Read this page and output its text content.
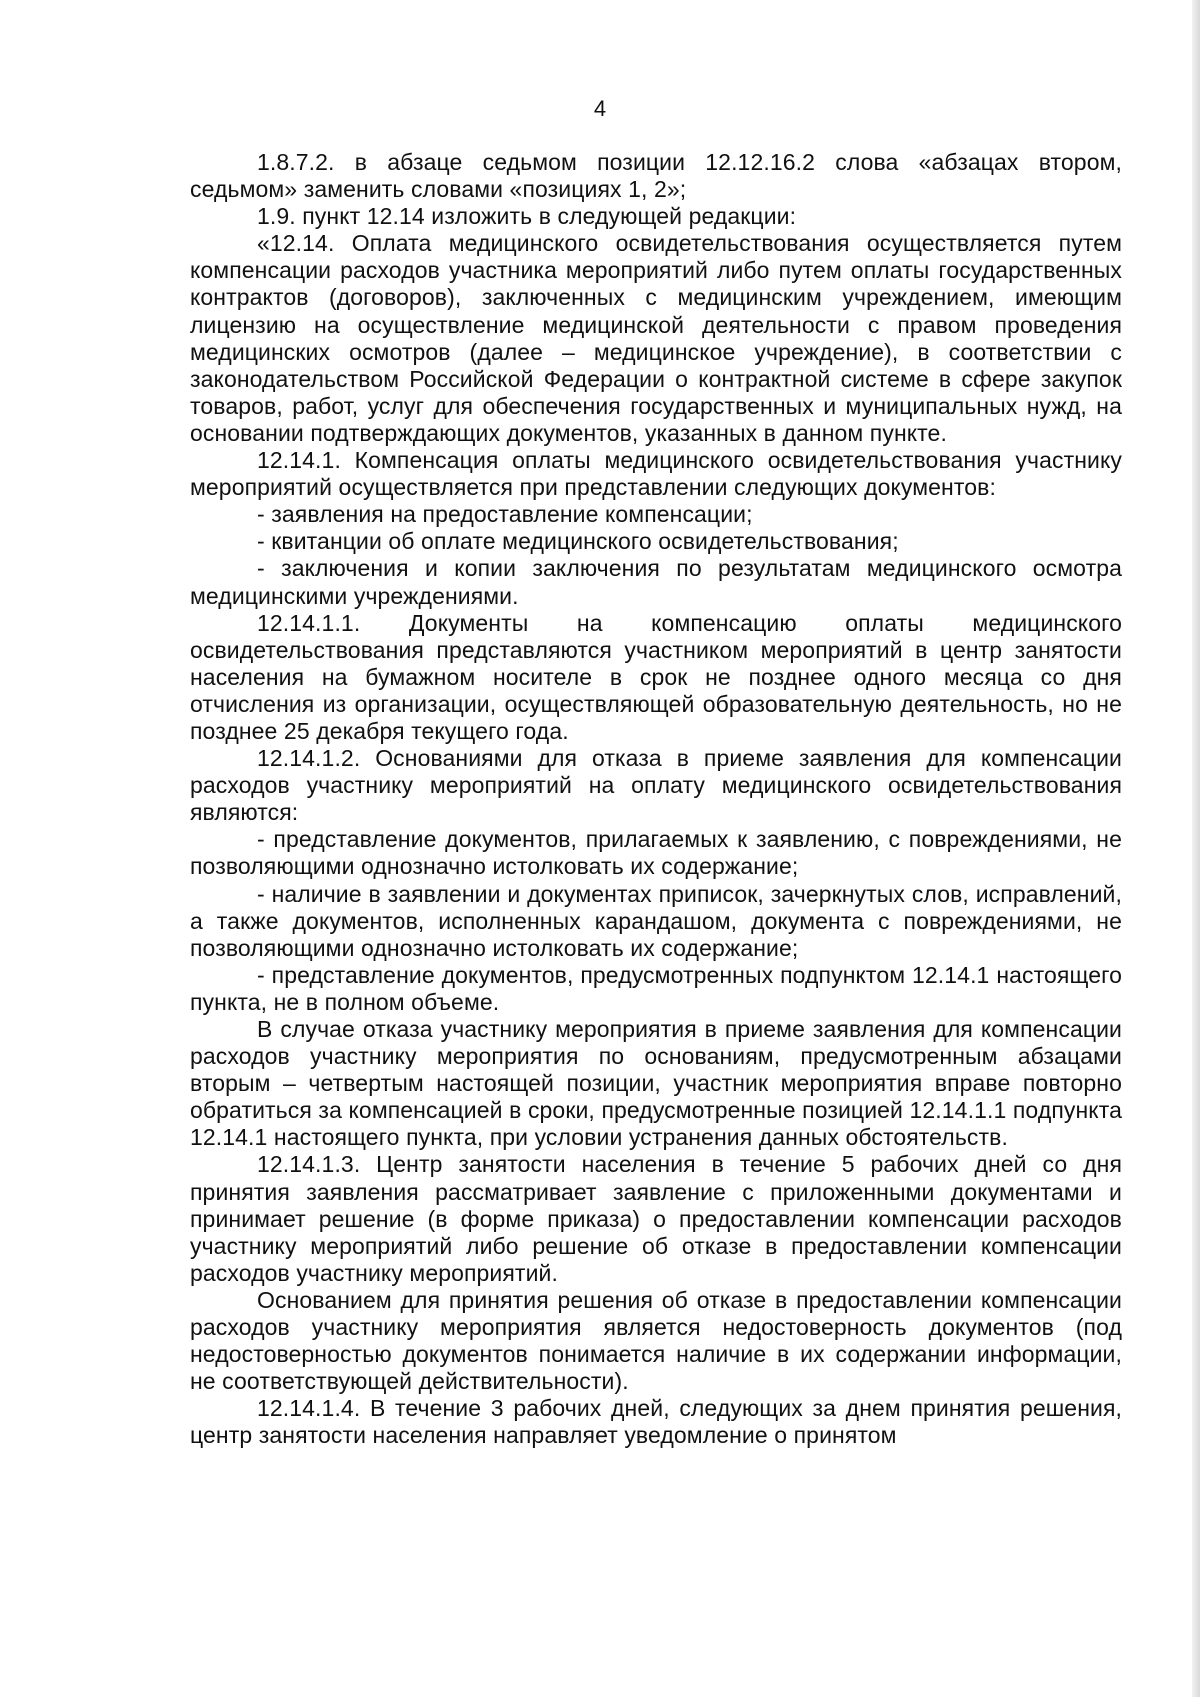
4

1.8.7.2. в абзаце седьмом позиции 12.12.16.2 слова «абзацах втором, седьмом» заменить словами «позициях 1, 2»;

1.9. пункт 12.14 изложить в следующей редакции:

«12.14. Оплата медицинского освидетельствования осуществляется путем компенсации расходов участника мероприятий либо путем оплаты государственных контрактов (договоров), заключенных с медицинским учреждением, имеющим лицензию на осуществление медицинской деятельности с правом проведения медицинских осмотров (далее – медицинское учреждение), в соответствии с законодательством Российской Федерации о контрактной системе в сфере закупок товаров, работ, услуг для обеспечения государственных и муниципальных нужд, на основании подтверждающих документов, указанных в данном пункте.

12.14.1. Компенсация оплаты медицинского освидетельствования участнику мероприятий осуществляется при представлении следующих документов:

- заявления на предоставление компенсации;

- квитанции об оплате медицинского освидетельствования;

- заключения и копии заключения по результатам медицинского осмотра медицинскими учреждениями.

12.14.1.1. Документы на компенсацию оплаты медицинского освидетельствования представляются участником мероприятий в центр занятости населения на бумажном носителе в срок не позднее одного месяца со дня отчисления из организации, осуществляющей образовательную деятельность, но не позднее 25 декабря текущего года.

12.14.1.2. Основаниями для отказа в приеме заявления для компенсации расходов участнику мероприятий на оплату медицинского освидетельствования являются:

- представление документов, прилагаемых к заявлению, с повреждениями, не позволяющими однозначно истолковать их содержание;

- наличие в заявлении и документах приписок, зачеркнутых слов, исправлений, а также документов, исполненных карандашом, документа с повреждениями, не позволяющими однозначно истолковать их содержание;

- представление документов, предусмотренных подпунктом 12.14.1 настоящего пункта, не в полном объеме.

В случае отказа участнику мероприятия в приеме заявления для компенсации расходов участнику мероприятия по основаниям, предусмотренным абзацами вторым – четвертым настоящей позиции, участник мероприятия вправе повторно обратиться за компенсацией в сроки, предусмотренные позицией 12.14.1.1 подпункта 12.14.1 настоящего пункта, при условии устранения данных обстоятельств.

12.14.1.3. Центр занятости населения в течение 5 рабочих дней со дня принятия заявления рассматривает заявление с приложенными документами и принимает решение (в форме приказа) о предоставлении компенсации расходов участнику мероприятий либо решение об отказе в предоставлении компенсации расходов участнику мероприятий.

Основанием для принятия решения об отказе в предоставлении компенсации расходов участнику мероприятия является недостоверность документов (под недостоверностью документов понимается наличие в их содержании информации, не соответствующей действительности).

12.14.1.4. В течение 3 рабочих дней, следующих за днем принятия решения, центр занятости населения направляет уведомление о принятом
